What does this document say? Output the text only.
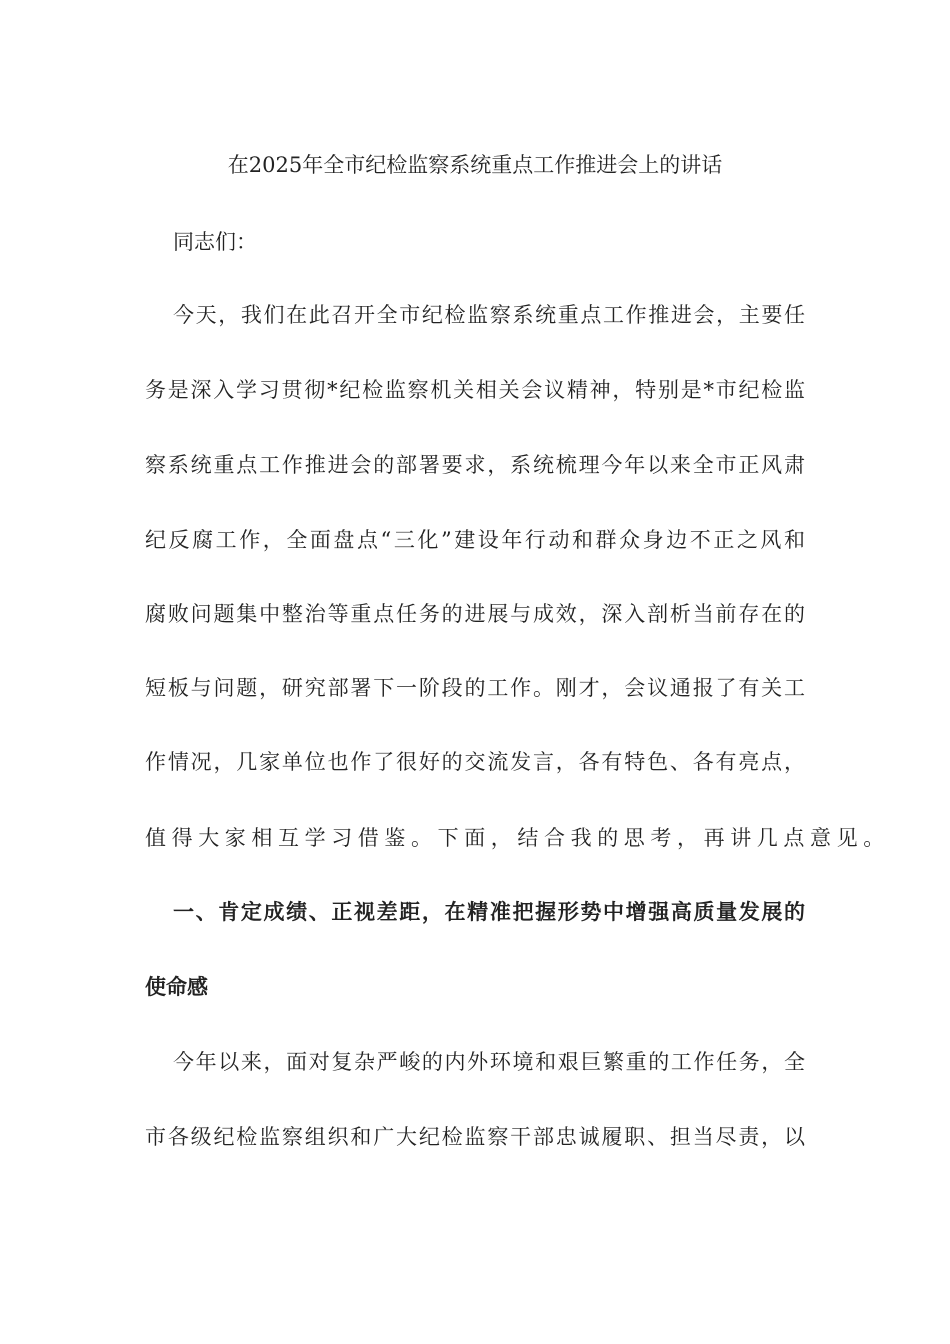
在2025年全市纪检监察系统重点工作推进会上的讲话
同志们：
今天，我们在此召开全市纪检监察系统重点工作推进会，主要任
务是深入学习贯彻*纪检监察机关相关会议精神，特别是*市纪检监
察系统重点工作推进会的部署要求，系统梳理今年以来全市正风肃
纪反腐工作，全面盘点“三化”建设年行动和群众身边不正之风和
腐败问题集中整治等重点任务的进展与成效，深入剖析当前存在的
短板与问题，研究部署下一阶段的工作。刚才，会议通报了有关工
作情况，几家单位也作了很好的交流发言，各有特色、各有亮点，
值得大家相互学习借鉴。下面，结合我的思考，再讲几点意见。
一、肯定成绩、正视差距，在精准把握形势中增强高质量发展的
使命感
今年以来，面对复杂严峻的内外环境和艰巨繁重的工作任务，全
市各级纪检监察组织和广大纪检监察干部忠诚履职、担当尽责，以
